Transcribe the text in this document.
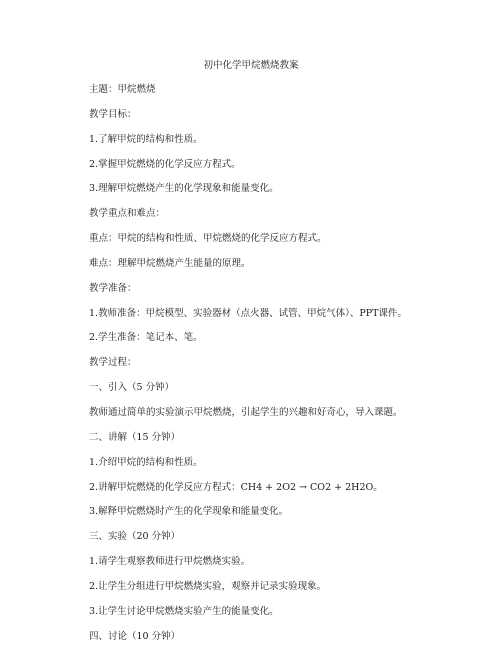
初中化学甲烷燃烧教案
主题：甲烷燃烧
教学目标：
1.了解甲烷的结构和性质。
2.掌握甲烷燃烧的化学反应方程式。
3.理解甲烷燃烧产生的化学现象和能量变化。
教学重点和难点：
重点：甲烷的结构和性质、甲烷燃烧的化学反应方程式。
难点：理解甲烷燃烧产生能量的原理。
教学准备：
1.教师准备：甲烷模型、实验器材（点火器、试管、甲烷气体）、PPT课件。
2.学生准备：笔记本、笔。
教学过程：
一、引入（5 分钟）
教师通过简单的实验演示甲烷燃烧，引起学生的兴趣和好奇心，导入课题。
二、讲解（15 分钟）
1.介绍甲烷的结构和性质。
2.讲解甲烷燃烧的化学反应方程式：CH4 + 2O2 → CO2 + 2H2O。
3.解释甲烷燃烧时产生的化学现象和能量变化。
三、实验（20 分钟）
1.请学生观察教师进行甲烷燃烧实验。
2.让学生分组进行甲烷燃烧实验，观察并记录实验现象。
3.让学生讨论甲烷燃烧实验产生的能量变化。
四、讨论（10 分钟）
